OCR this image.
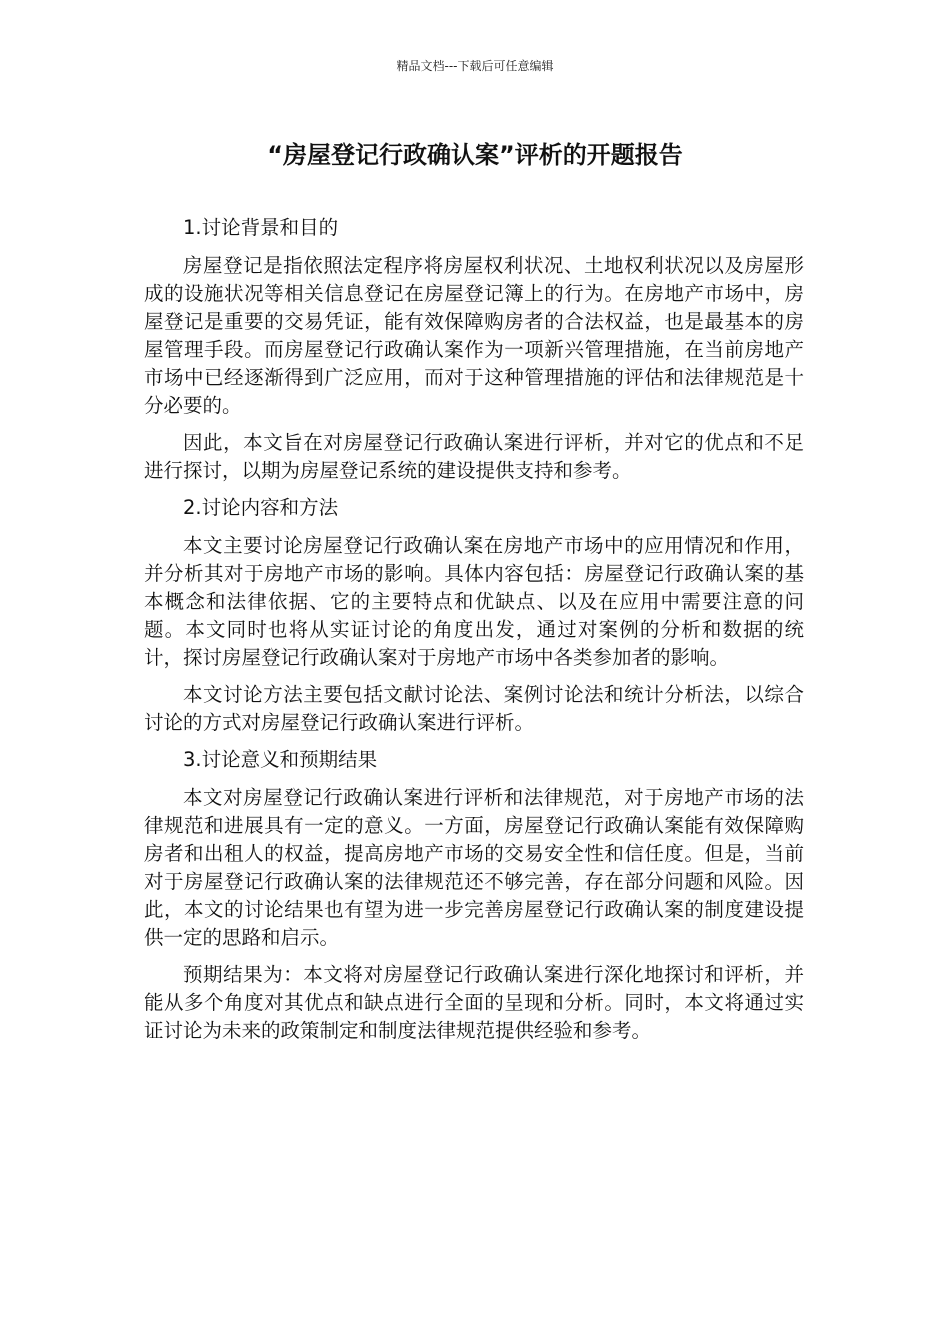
精品文档---下载后可任意编辑
“房屋登记行政确认案”评析的开题报告

1.讨论背景和目的

房屋登记是指依照法定程序将房屋权利状况、土地权利状况以及房屋形成的设施状况等相关信息登记在房屋登记簿上的行为。在房地产市场中，房屋登记是重要的交易凭证，能有效保障购房者的合法权益，也是最基本的房屋管理手段。而房屋登记行政确认案作为一项新兴管理措施，在当前房地产市场中已经逐渐得到广泛应用，而对于这种管理措施的评估和法律规范是十分必要的。

因此，本文旨在对房屋登记行政确认案进行评析，并对它的优点和不足进行探讨，以期为房屋登记系统的建设提供支持和参考。

2.讨论内容和方法

本文主要讨论房屋登记行政确认案在房地产市场中的应用情况和作用，并分析其对于房地产市场的影响。具体内容包括：房屋登记行政确认案的基本概念和法律依据、它的主要特点和优缺点、以及在应用中需要注意的问题。本文同时也将从实证讨论的角度出发，通过对案例的分析和数据的统计，探讨房屋登记行政确认案对于房地产市场中各类参加者的影响。

本文讨论方法主要包括文献讨论法、案例讨论法和统计分析法，以综合讨论的方式对房屋登记行政确认案进行评析。

3.讨论意义和预期结果

本文对房屋登记行政确认案进行评析和法律规范，对于房地产市场的法律规范和进展具有一定的意义。一方面，房屋登记行政确认案能有效保障购房者和出租人的权益，提高房地产市场的交易安全性和信任度。但是，当前对于房屋登记行政确认案的法律规范还不够完善，存在部分问题和风险。因此，本文的讨论结果也有望为进一步完善房屋登记行政确认案的制度建设提供一定的思路和启示。

预期结果为：本文将对房屋登记行政确认案进行深化地探讨和评析，并能从多个角度对其优点和缺点进行全面的呈现和分析。同时，本文将通过实证讨论为未来的政策制定和制度法律规范提供经验和参考。
